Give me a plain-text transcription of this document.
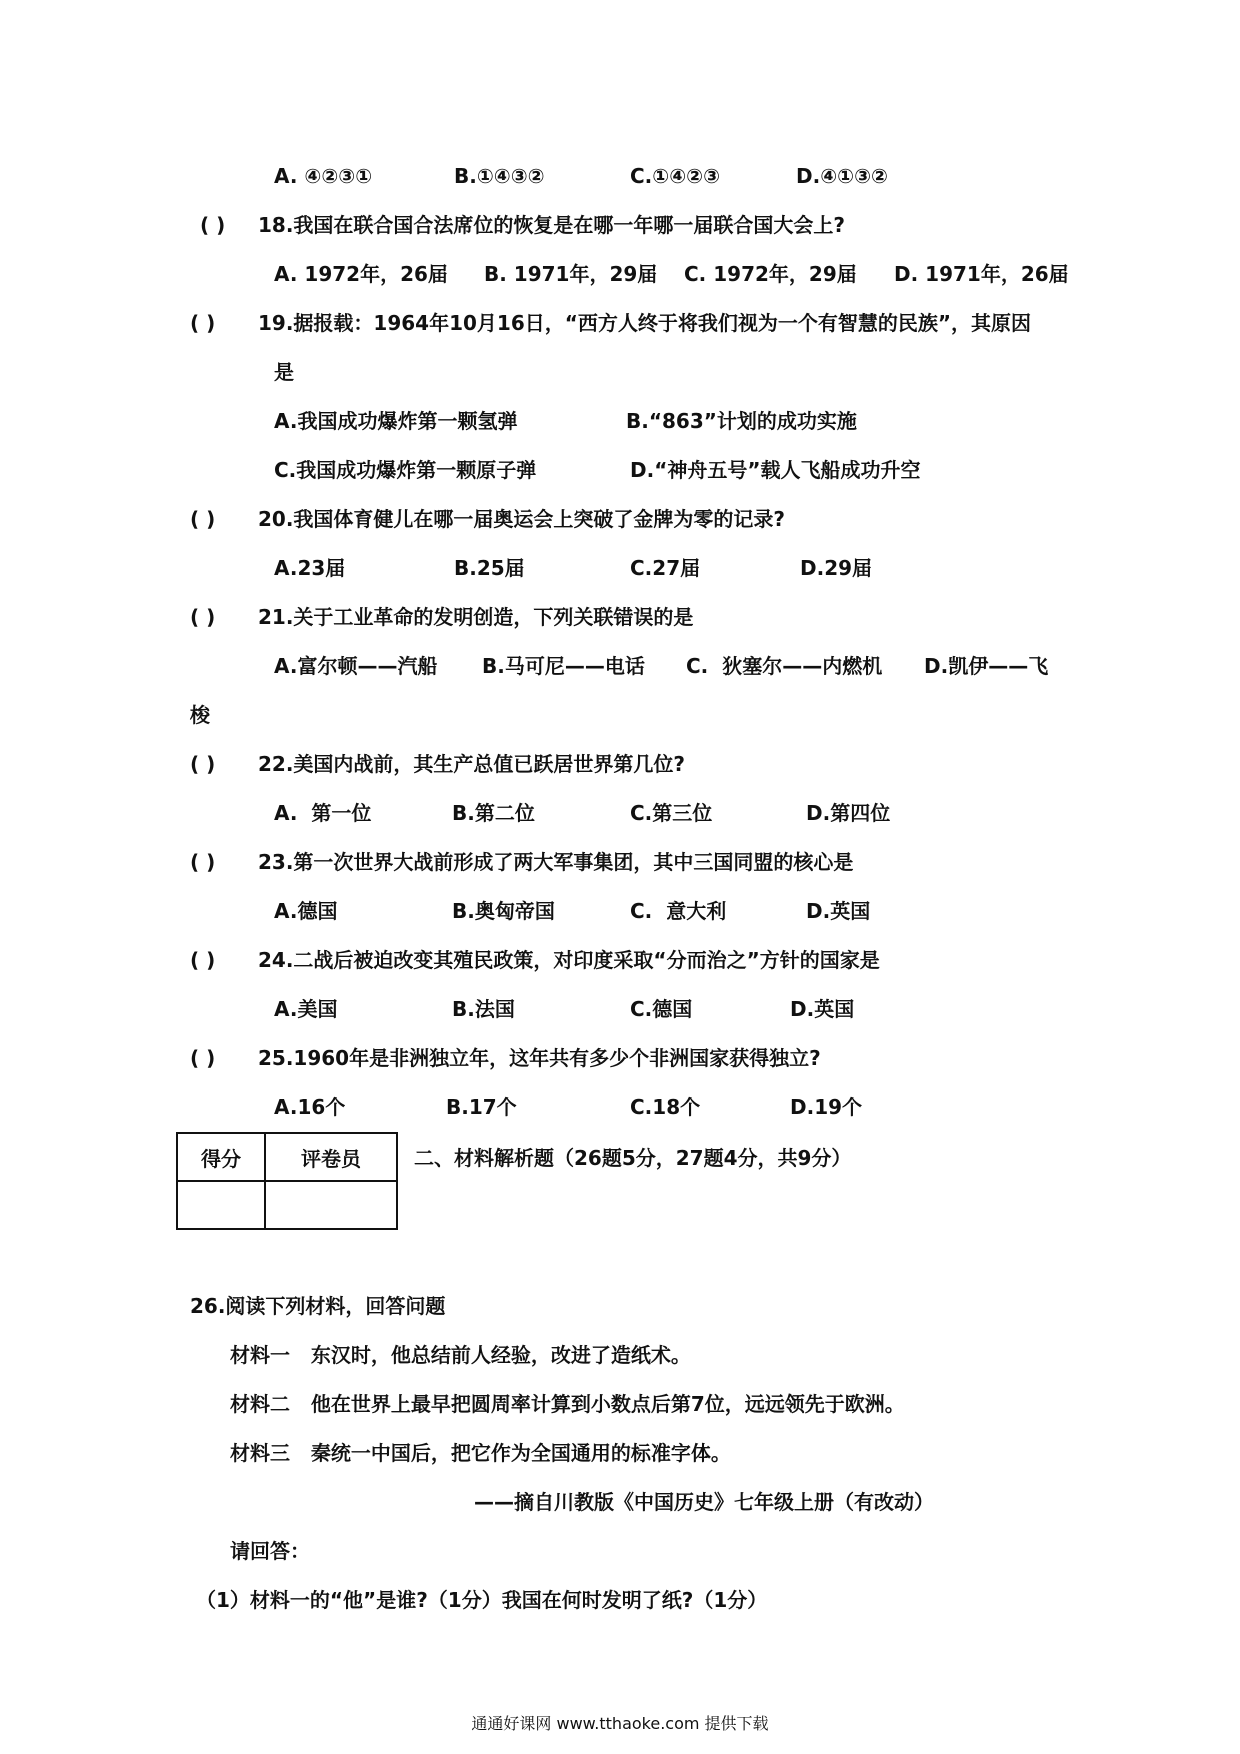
A. ④②③①	B.①④③②	C.①④②③	D.④①③②
( ) 18.我国在联合国合法席位的恢复是在哪一年哪一届联合国大会上?
A. 1972年，26届 B. 1971年，29届 C. 1972年，29届 D. 1971年，26届
( ) 19.据报载：1964年10月16日，“西方人终于将我们视为一个有智慧的民族”，其原因
是
A.我国成功爆炸第一颗氢弹	B.“863”计划的成功实施
C.我国成功爆炸第一颗原子弹	D.“神舟五号”载人飞船成功升空
( ) 20.我国体育健儿在哪一届奥运会上突破了金牌为零的记录?
A.23届	B.25届	C.27届	D.29届
( ) 21.关于工业革命的发明创造，下列关联错误的是
A.富尔顿——汽船 B.马可尼——电话 C.  狄塞尔——内燃机 D.凯伊——飞
梭
( ) 22.美国内战前，其生产总值已跃居世界第几位?
A.  第一位	B.第二位	C.第三位	D.第四位
( ) 23.第一次世界大战前形成了两大军事集团，其中三国同盟的核心是
A.德国	B.奥匈帝国	C.  意大利	D.英国
( ) 24.二战后被迫改变其殖民政策，对印度采取“分而治之”方针的国家是
A.美国	B.法国	C.德国	D.英国
( ) 25.1960年是非洲独立年，这年共有多少个非洲国家获得独立?
A.16个	B.17个	C.18个	D.19个
得分	评卷员
		二、材料解析题（26题5分，27题4分，共9分）
26.阅读下列材料，回答问题
材料一   东汉时，他总结前人经验，改进了造纸术。
材料二   他在世界上最早把圆周率计算到小数点后第7位，远远领先于欧洲。
材料三   秦统一中国后，把它作为全国通用的标准字体。
——摘自川教版《中国历史》七年级上册（有改动）
请回答：
（1）材料一的“他”是谁?（1分）我国在何时发明了纸?（1分）
通通好课网 www.tthaoke.com 提供下载
